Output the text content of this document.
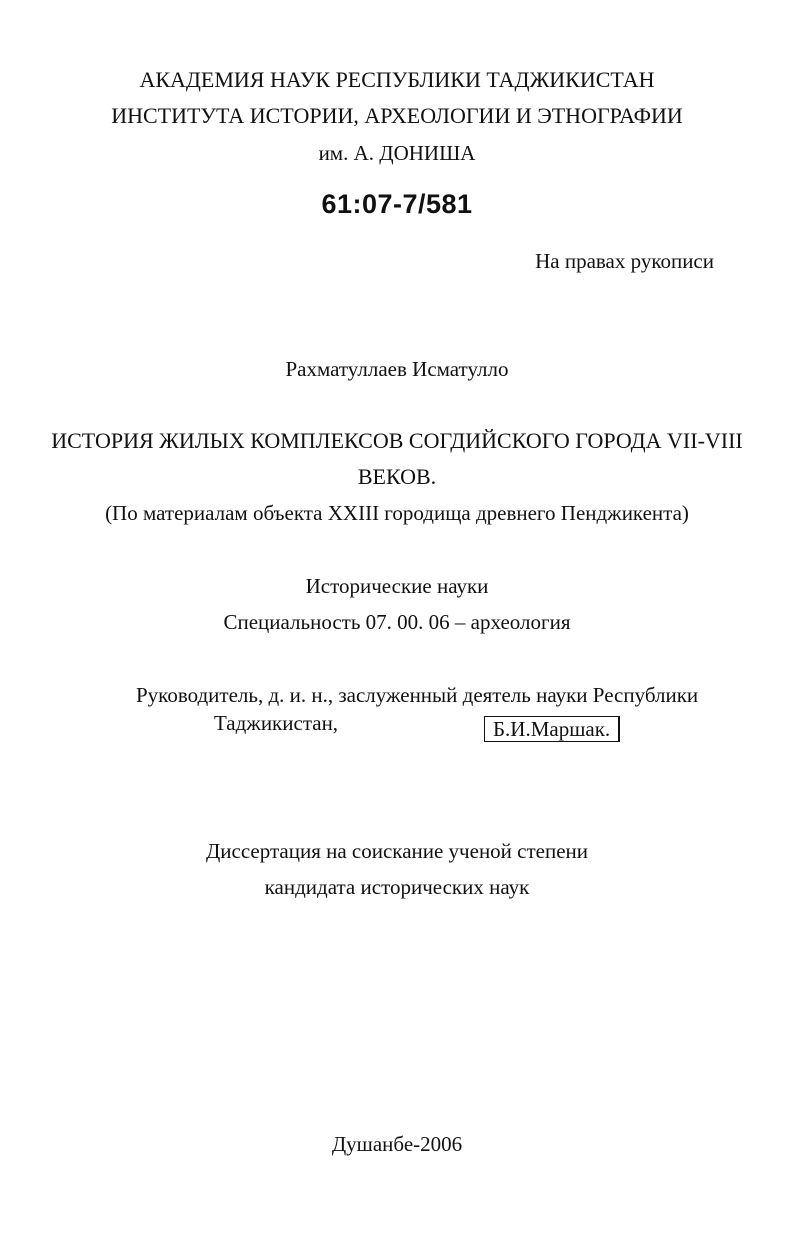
АКАДЕМИЯ НАУК РЕСПУБЛИКИ ТАДЖИКИСТАН
ИНСТИТУТА ИСТОРИИ, АРХЕОЛОГИИ И ЭТНОГРАФИИ
им. А. ДОНИША
61:07-7/581
На правах рукописи
Рахматуллаев Исматулло
ИСТОРИЯ ЖИЛЫХ КОМПЛЕКСОВ СОГДИЙСКОГО ГОРОДА VII-VIII
ВЕКОВ.
(По материалам объекта XXIII городища древнего Пенджикента)
Исторические науки
Специальность 07. 00. 06 – археология
Руководитель, д. и. н., заслуженный деятель науки Республики
Таджикистан,	Б.И.Маршак.
Диссертация на соискание ученой степени
кандидата исторических наук
Душанбе-2006
